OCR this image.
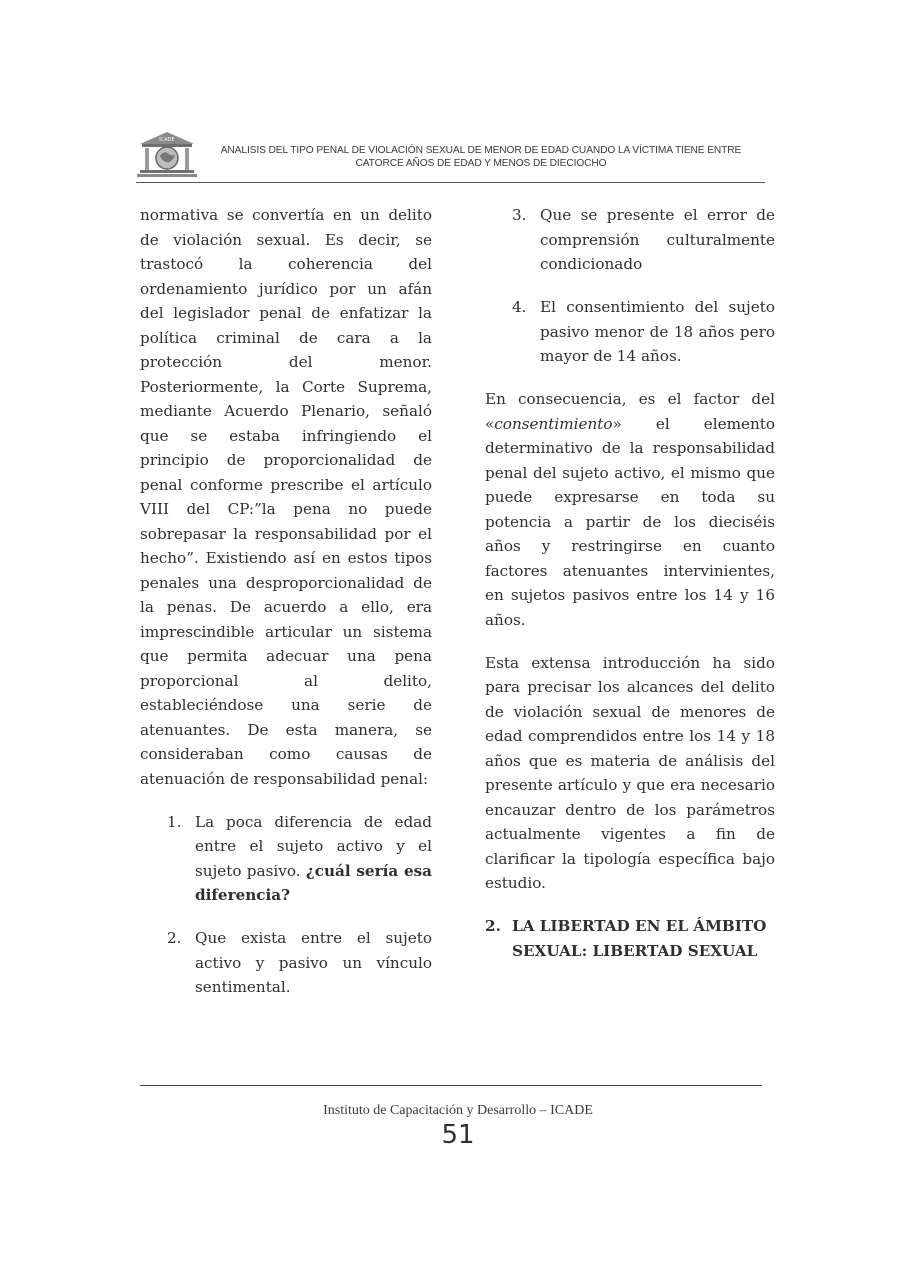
ICADE
ANALISIS DEL TIPO PENAL DE VIOLACIÓN SEXUAL DE MENOR DE EDAD CUANDO LA VÍCTIMA TIENE ENTRE CATORCE AÑOS DE EDAD Y MENOS DE DIECIOCHO

normativa se convertía en un delito de violación sexual. Es decir, se trastocó la coherencia del ordenamiento jurídico por un afán del legislador penal de enfatizar la política criminal de cara a la protección del menor. Posteriormente, la Corte Suprema, mediante Acuerdo Plenario, señaló que se estaba infringiendo el principio de proporcionalidad de penal conforme prescribe el artículo VIII del CP:”la pena no puede sobrepasar la responsabilidad por el hecho”. Existiendo así en estos tipos penales una desproporcionalidad de la penas. De acuerdo a ello, era imprescindible articular un sistema que permita adecuar una pena proporcional al delito, estableciéndose una serie de atenuantes. De esta manera, se consideraban como causas de atenuación de responsabilidad penal:

1. La poca diferencia de edad entre el sujeto activo y el sujeto pasivo. ¿cuál sería esa diferencia?
2. Que exista entre el sujeto activo y pasivo un vínculo sentimental.
3. Que se presente el error de comprensión culturalmente condicionado
4. El consentimiento del sujeto pasivo menor de 18 años pero mayor de 14 años.

En consecuencia, es el factor del «consentimiento» el elemento determinativo de la responsabilidad penal del sujeto activo, el mismo que puede expresarse en toda su potencia a partir de los dieciséis años y restringirse en cuanto factores atenuantes intervinientes, en sujetos pasivos entre los 14 y 16 años.

Esta extensa introducción ha sido para precisar los alcances del delito de violación sexual de menores de edad comprendidos entre los 14 y 18 años que es materia de análisis del presente artículo y que era necesario encauzar dentro de los parámetros actualmente vigentes a fin de clarificar la tipología específica bajo estudio.

2. LA LIBERTAD EN EL ÁMBITO SEXUAL: LIBERTAD SEXUAL
Instituto de Capacitación y Desarrollo – ICADE
51
